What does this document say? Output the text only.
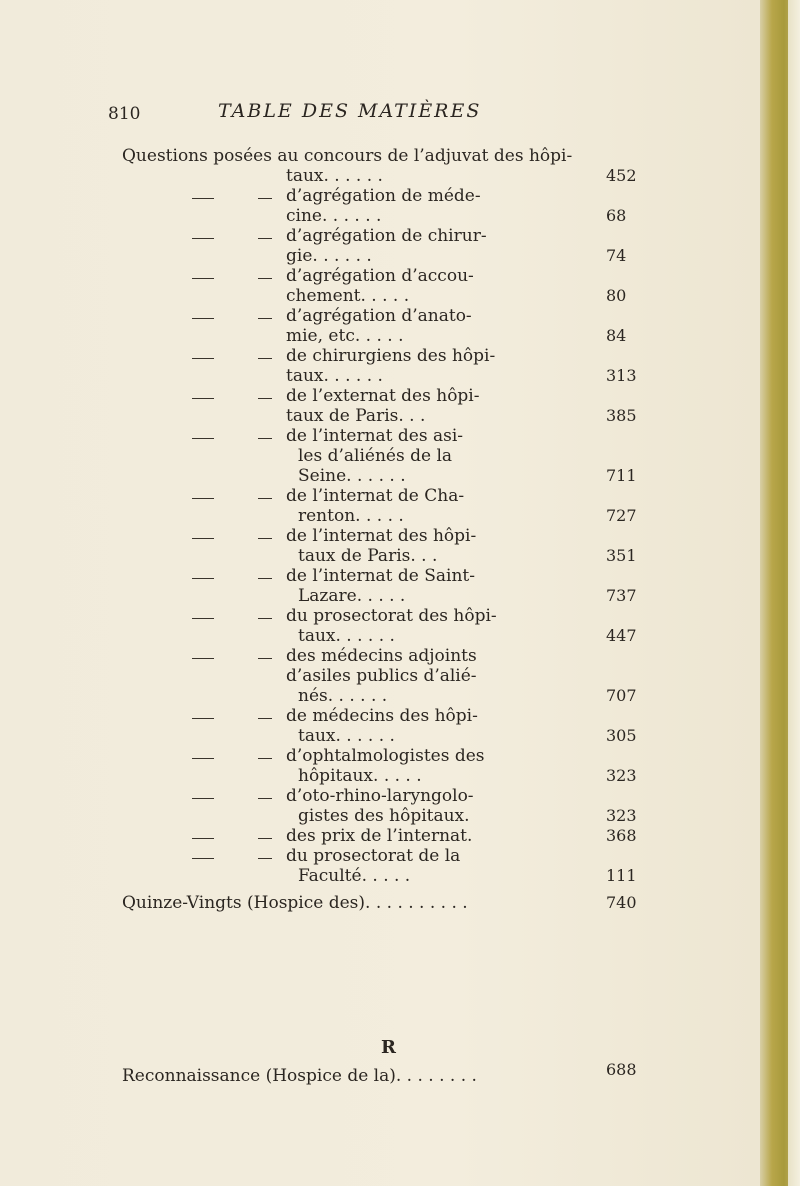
810	TABLE DES MATIÈRES
Questions posées au concours de l’adjuvat des hôpi-
taux. . . . . .	452
d’agrégation de méde-
cine. . . . . .	68
d’agrégation de chirur-
gie. . . . . .	74
d’agrégation d’accou-
chement. . . . .	80
d’agrégation d’anato-
mie, etc. . . . .	84
de chirurgiens des hôpi-
taux. . . . . .	313
de l’externat des hôpi-
taux de Paris. . .	385
de l’internat des asi-
les d’aliénés de la
Seine. . . . . .	711
de l’internat de Cha-
renton. . . . .	727
de l’internat des hôpi-
taux de Paris. . .	351
de l’internat de Saint-
Lazare. . . . .	737
du prosectorat des hôpi-
taux. . . . . .	447
des médecins adjoints
d’asiles publics d’alié-
nés. . . . . .	707
de médecins des hôpi-
taux. . . . . .	305
d’ophtalmologistes des
hôpitaux. . . . .	323
d’oto-rhino-laryngolo-
gistes des hôpitaux.	323
des prix de l’internat.	368
du prosectorat de la
Faculté. . . . .	111
Quinze-Vingts (Hospice des). . . . . . . . . .	740
R
Reconnaissance (Hospice de la). . . . . . . .	688
